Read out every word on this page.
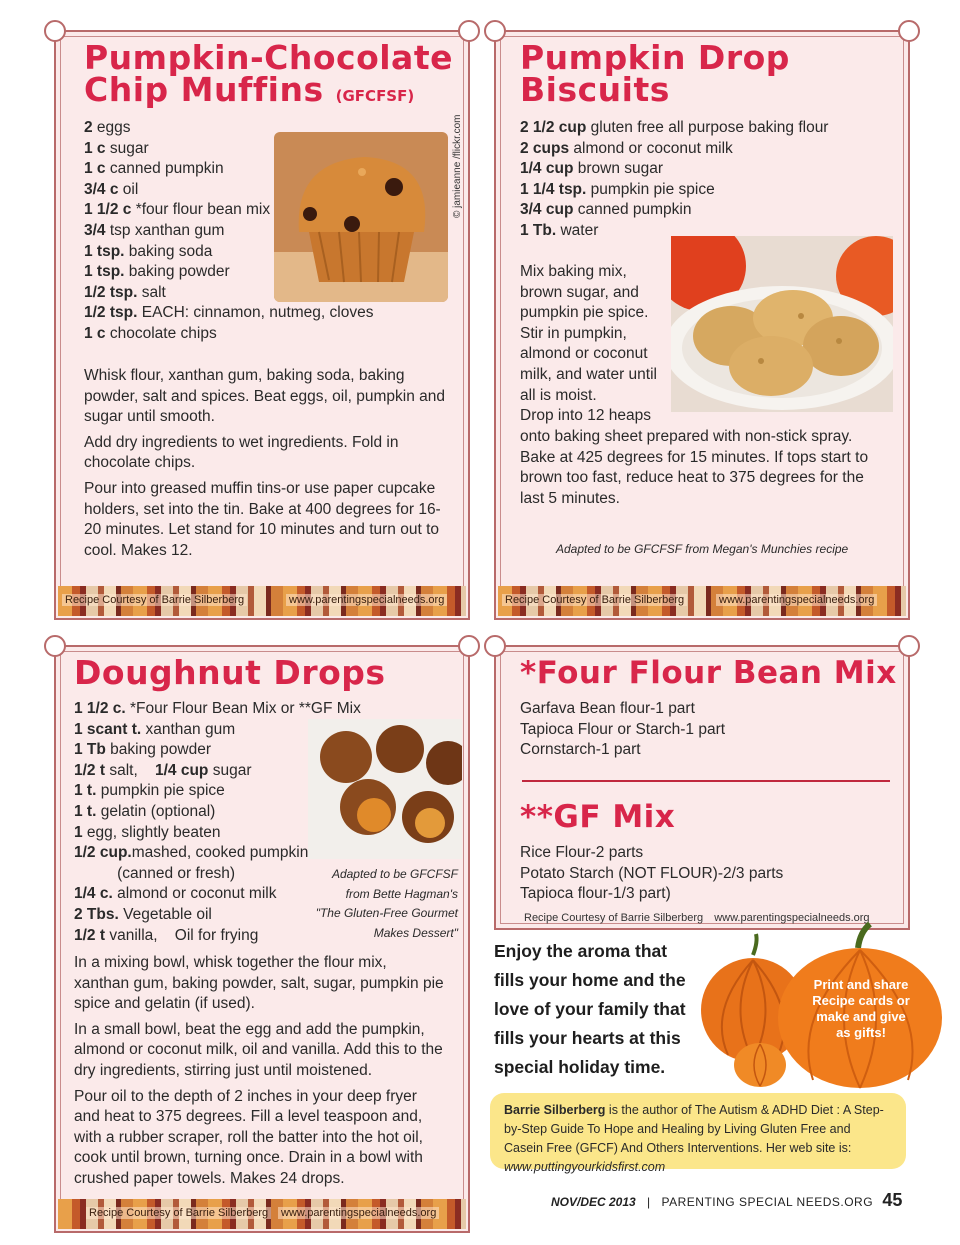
Pumpkin-Chocolate
Chip Muffins (GFCFSF)
2 eggs
1 c sugar
1 c canned pumpkin
3/4 c oil
1 1/2 c *four flour bean mix
3/4 tsp xanthan gum
1 tsp. baking soda
1 tsp. baking powder
1/2 tsp. salt
1/2 tsp. EACH: cinnamon, nutmeg, cloves
1 c chocolate chips
© jamieanne /flickr.com

Whisk flour, xanthan gum, baking soda, baking powder, salt and spices. Beat eggs, oil, pumpkin and sugar until smooth.

Add dry ingredients to wet ingredients. Fold in chocolate chips.

Pour into greased muffin tins-or use paper cupcake holders, set into the tin. Bake at 400 degrees for 16-20 minutes. Let stand for 10 minutes and turn out to cool. Makes 12.

Recipe Courtesy of Barrie Silberberg	www.parentingspecialneeds.org
Pumpkin Drop
Biscuits
2 1/2 cup gluten free all purpose baking flour
2 cups almond or coconut milk
1/4 cup brown sugar
1 1/4 tsp. pumpkin pie spice
3/4 cup canned pumpkin
1 Tb. water
Mix baking mix,
brown sugar, and
pumpkin pie spice.
Stir in pumpkin,
almond or coconut
milk, and water until
all is moist.
Drop into 12 heaps
onto baking sheet prepared with non-stick spray. Bake at 425 degrees for 15 minutes. If tops start to brown too fast, reduce heat to 375 degrees for the last 5 minutes.
Adapted to be GFCFSF from Megan's Munchies recipe
Recipe Courtesy of Barrie Silberberg	www.parentingspecialneeds.org
Doughnut Drops
1 1/2 c. *Four Flour Bean Mix or **GF Mix
1 scant t. xanthan gum
1 Tb baking powder
1/2 t salt,    1/4 cup sugar
1 t. pumpkin pie spice
1 t. gelatin (optional)
1 egg, slightly beaten
1/2 cup.mashed, cooked pumpkin
(canned or fresh)
1/4 c. almond or coconut milk
2 Tbs. Vegetable oil
1/2 t vanilla,    Oil for frying
Adapted to be GFCFSF
from Bette Hagman's
"The Gluten-Free Gourmet
Makes Dessert"

In a mixing bowl, whisk together the flour mix, xanthan gum, baking powder, salt, sugar, pumpkin pie spice and gelatin (if used).

In a small bowl, beat the egg and add the pumpkin, almond or coconut milk, oil and vanilla. Add this to the dry ingredients, stirring just until moistened.

Pour oil to the depth of 2 inches in your deep fryer and heat to 375 degrees. Fill a level teaspoon and, with a rubber scraper, roll the batter into the hot oil, cook until brown, turning once. Drain in a bowl with crushed paper towels. Makes 24 drops.

Recipe Courtesy of Barrie Silberberg www.parentingspecialneeds.org
*Four Flour Bean Mix
Garfava Bean flour-1 part
Tapioca Flour or Starch-1 part
Cornstarch-1 part
**GF Mix
Rice Flour-2 parts
Potato Starch (NOT FLOUR)-2/3 parts
Tapioca flour-1/3 part)
Recipe Courtesy of Barrie Silberberg www.parentingspecialneeds.org
Enjoy the aroma that
fills your home and the
love of your family that
fills your hearts at this
special holiday time.
Print and share
Recipe cards or
make and give
as gifts!
Barrie Silberberg is the author of The Autism & ADHD Diet : A Step-by-Step Guide To Hope and Healing by Living Gluten Free and Casein Free (GFCF) And Others Interventions. Her web site is: www.puttingyourkidsfirst.com
NOV/DEC 2013 | PARENTING SPECIAL NEEDS.ORG 45
